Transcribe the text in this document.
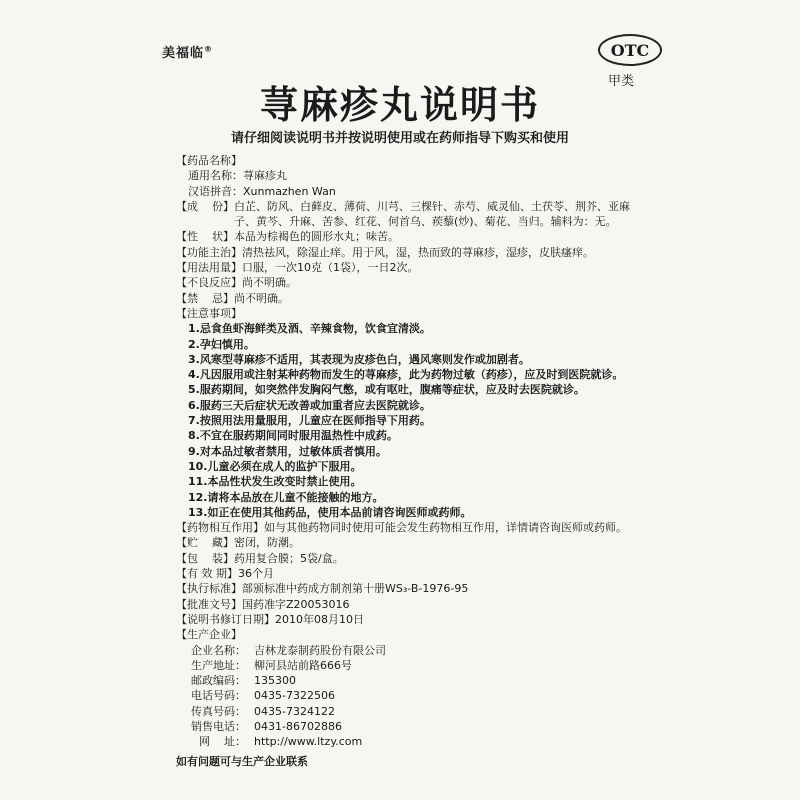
美福临®	OTC
甲类
荨麻疹丸说明书
请仔细阅读说明书并按说明使用或在药师指导下购买和使用
【药品名称】
通用名称： 荨麻疹丸
汉语拼音： Xunmazhen Wan
【成    份】 白芷、防风、白藓皮、薄荷、川芎、三棵针、赤芍、威灵仙、土茯苓、荆芥、亚麻子、黄芩、升麻、苦参、红花、何首乌、蒺藜(炒)、菊花、当归。辅料为：无。
【性    状】 本品为棕褐色的圆形水丸；味苦。
【功能主治】 清热祛风，除湿止痒。用于风，湿，热而致的荨麻疹，湿疹，皮肤瘙痒。
【用法用量】 口服，一次10克（1袋），一日2次。
【不良反应】 尚不明确。
【禁    忌】 尚不明确。
【注意事项】
1. 忌食鱼虾海鲜类及酒、辛辣食物，饮食宜清淡。
2. 孕妇慎用。
3. 风寒型荨麻疹不适用，其表现为皮疹色白，遇风寒则发作或加剧者。
4. 凡因服用或注射某种药物而发生的荨麻疹，此为药物过敏（药疹），应及时到医院就诊。
5. 服药期间，如突然伴发胸闷气憋，或有呕吐，腹痛等症状，应及时去医院就诊。
6. 服药三天后症状无改善或加重者应去医院就诊。
7. 按照用法用量服用，儿童应在医师指导下用药。
8. 不宜在服药期间同时服用温热性中成药。
9. 对本品过敏者禁用，过敏体质者慎用。
10. 儿童必须在成人的监护下服用。
11. 本品性状发生改变时禁止使用。
12. 请将本品放在儿童不能接触的地方。
13. 如正在使用其他药品，使用本品前请咨询医师或药师。
【药物相互作用】 如与其他药物同时使用可能会发生药物相互作用，详情请咨询医师或药师。
【贮    藏】 密闭，防潮。
【包    装】 药用复合膜；5袋/盒。
【有 效 期】 36个月
【执行标准】 部颁标准中药成方制剂第十册WS₃-B-1976-95
【批准文号】 国药准字Z20053016
【说明书修订日期】 2010年08月10日
【生产企业】
企业名称： 吉林龙泰制药股份有限公司
生产地址： 柳河县站前路666号
邮政编码： 135300
电话号码： 0435-7322506
传真号码： 0435-7324122
销售电话： 0431-86702886
网    址： http://www.ltzy.com
如有问题可与生产企业联系
